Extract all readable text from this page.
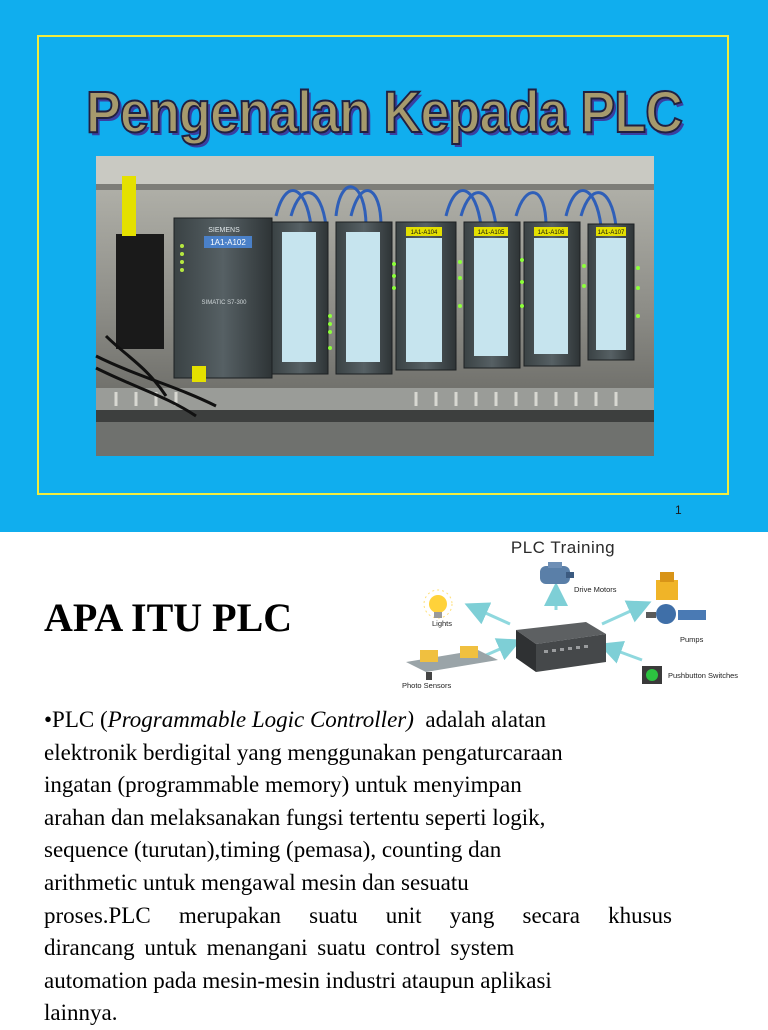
Pengenalan Kepada PLC
1A1-A102
SIEMENS
SIMATIC S7-300
1A1-A104	1A1-A105	1A1-A106	1A1-A107
1
APA ITU PLC
PLC Training
Lights
Drive Motors
Pumps
Photo Sensors
Pushbutton Switches
•PLC (Programmable Logic Controller)  adalah alatan
elektronik berdigital yang menggunakan pengaturcaraan
ingatan (programmable memory) untuk menyimpan
arahan dan melaksanakan fungsi tertentu seperti logik,
sequence (turutan),timing (pemasa), counting dan
arithmetic untuk mengawal mesin dan sesuatu
proses.PLC merupakan suatu unit yang secara khusus
dirancang untuk menangani suatu control system
automation pada mesin-mesin industri ataupun aplikasi
lainnya.
